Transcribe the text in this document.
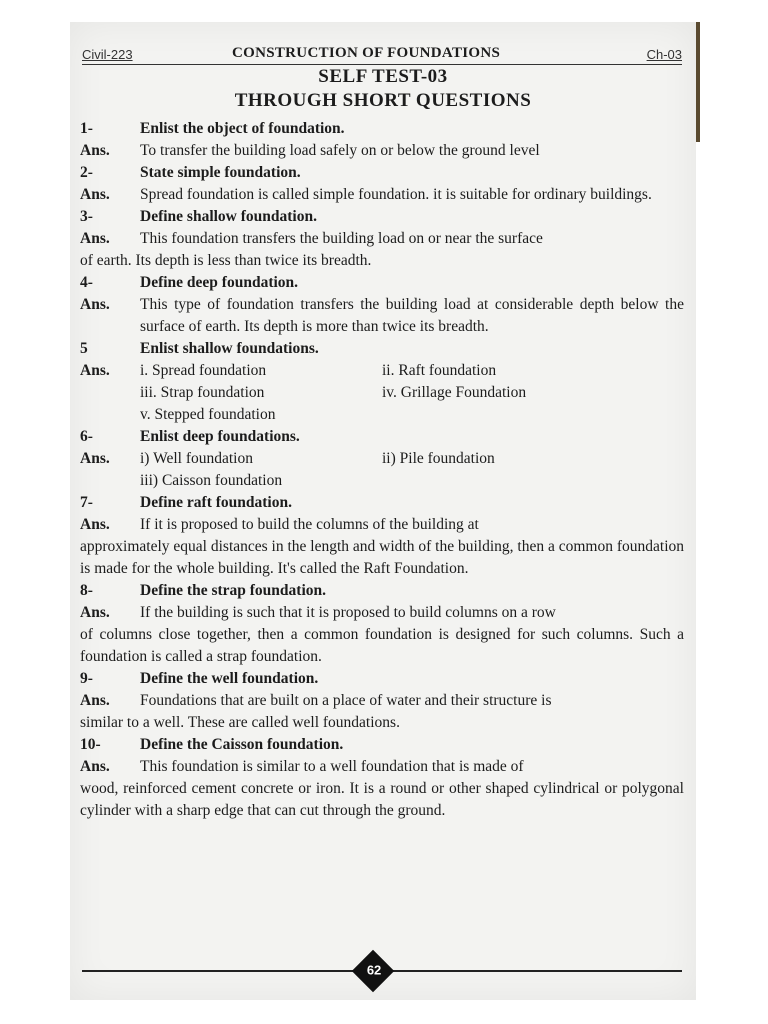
Civil-223	CONSTRUCTION OF FOUNDATIONS	Ch-03
SELF TEST-03
THROUGH SHORT QUESTIONS
1-	Enlist the object of foundation.
Ans.	To transfer the building load safely on or below the ground level
2-	State simple foundation.
Ans.	Spread foundation is called simple foundation. it is suitable for ordinary buildings.
3-	Define shallow foundation.
Ans.	This foundation transfers the building load on or near the surface
of earth. Its depth is less than twice its breadth.
4-	Define deep foundation.
Ans.	This type of foundation transfers the building load at considerable depth below the surface of earth. Its depth is more than twice its breadth.
5	Enlist shallow foundations.
Ans.	i. Spread foundation	ii. Raft foundation
iii. Strap foundation	iv. Grillage Foundation
v. Stepped foundation
6-	Enlist deep foundations.
Ans.	i) Well foundation	ii) Pile foundation
iii) Caisson foundation
7-	Define raft foundation.
Ans.	If it is proposed to build the columns of the building at
approximately equal distances in the length and width of the building, then a common foundation is made for the whole building. It's called the Raft Foundation.
8-	Define the strap foundation.
Ans.	If the building is such that it is proposed to build columns on a row
of columns close together, then a common foundation is designed for such columns. Such a foundation is called a strap foundation.
9-	Define the well foundation.
Ans.	Foundations that are built on a place of water and their structure is
similar to a well. These are called well foundations.
10-	Define the Caisson foundation.
Ans.	This foundation is similar to a well foundation that is made of
wood, reinforced cement concrete or iron. It is a round or other shaped cylindrical or polygonal cylinder with a sharp edge that can cut through the ground.
62
